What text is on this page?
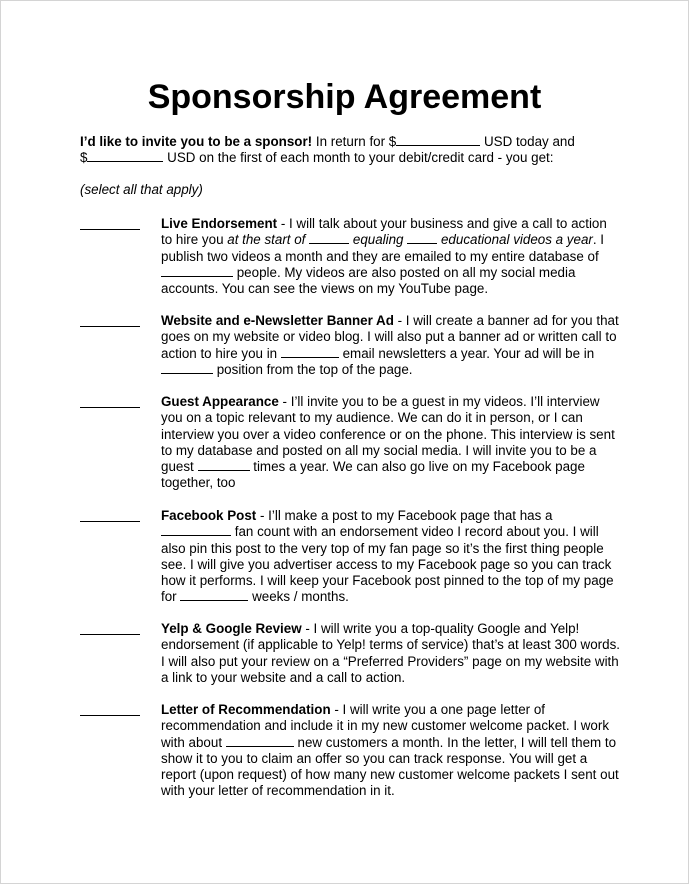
Sponsorship Agreement
I’d like to invite you to be a sponsor! In return for $	USD today and
$	USD on the first of each month to your debit/credit card - you get:
(select all that apply)
Live Endorsement - I will talk about your business and give a call to action to hire you at the start of	equaling	educational videos a year. I publish two videos a month and they are emailed to my entire database of  people. My videos are also posted on all my social media accounts. You can see the views on my YouTube page.
Website and e-Newsletter Banner Ad - I will create a banner ad for you that goes on my website or video blog. I will also put a banner ad or written call to action to hire you in	email newsletters a year. Your ad will be in  position from the top of the page.
Guest Appearance - I’ll invite you to be a guest in my videos. I’ll interview you on a topic relevant to my audience. We can do it in person, or I can interview you over a video conference or on the phone. This interview is sent to my database and posted on all my social media. I will invite you to be a guest	times a year. We can also go live on my Facebook page together, too
Facebook Post - I’ll make a post to my Facebook page that has a  fan count with an endorsement video I record about you. I will also pin this post to the very top of my fan page so it’s the first thing people see. I will give you advertiser access to my Facebook page so you can track how it performs. I will keep your Facebook post pinned to the top of my page for	weeks / months.
Yelp & Google Review - I will write you a top-quality Google and Yelp! endorsement (if applicable to Yelp! terms of service) that’s at least 300 words. I will also put your review on a “Preferred Providers” page on my website with a link to your website and a call to action.
Letter of Recommendation - I will write you a one page letter of recommendation and include it in my new customer welcome packet. I work with about	new customers a month. In the letter, I will tell them to show it to you to claim an offer so you can track response. You will get a report (upon request) of how many new customer welcome packets I sent out with your letter of recommendation in it.
